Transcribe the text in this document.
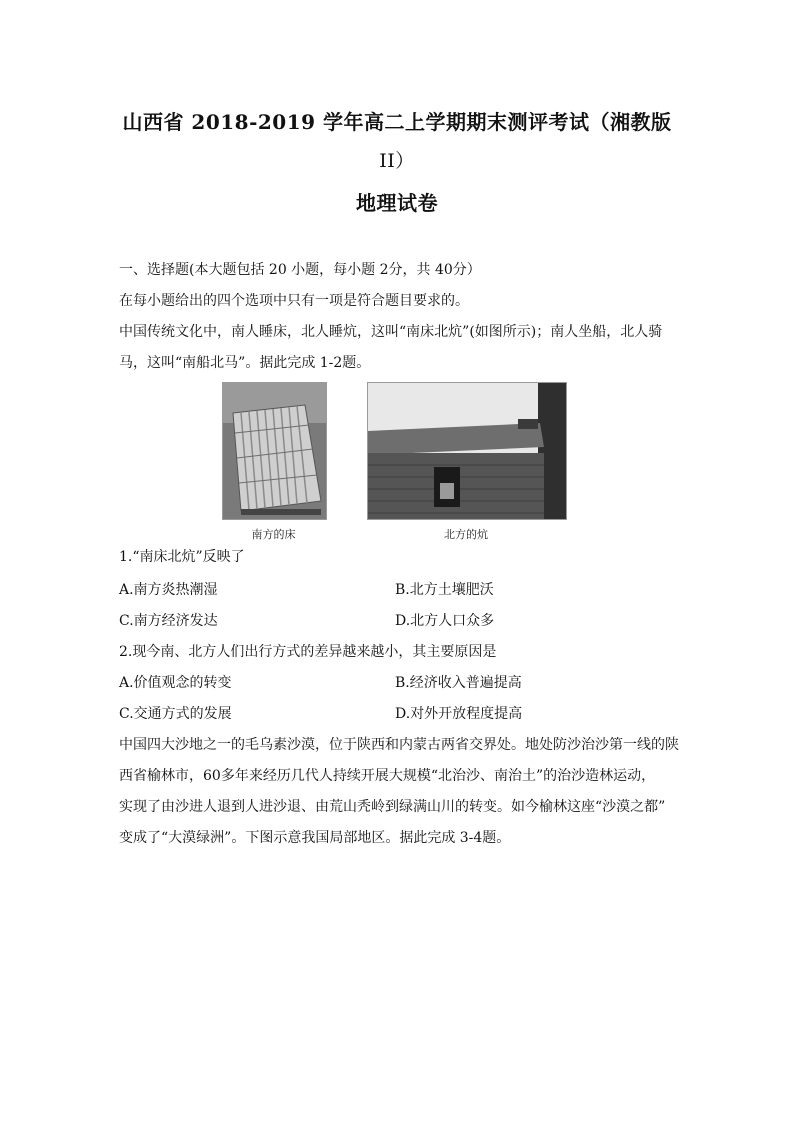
山西省 2018-2019 学年高二上学期期末测评考试（湘教版
II）
地理试卷
一、选择题(本大题包括 20 小题，每小题 2分，共 40分）
在每小题给出的四个选项中只有一项是符合题目要求的。
中国传统文化中，南人睡床，北人睡炕，这叫“南床北炕”(如图所示)；南人坐船，北人骑
马，这叫“南船北马”。据此完成 1-2题。
南方的床	北方的炕
1.“南床北炕”反映了
A.南方炎热潮湿	B.北方土壤肥沃
C.南方经济发达	D.北方人口众多
2.现今南、北方人们出行方式的差异越来越小，其主要原因是
A.价值观念的转变	B.经济收入普遍提高
C.交通方式的发展	D.对外开放程度提高
中国四大沙地之一的毛乌素沙漠，位于陕西和内蒙古两省交界处。地处防沙治沙第一线的陕
西省榆林市，60多年来经历几代人持续开展大规模“北治沙、南治土”的治沙造林运动，
实现了由沙进人退到人进沙退、由荒山秃岭到绿满山川的转变。如今榆林这座“沙漠之都”
变成了“大漠绿洲”。下图示意我国局部地区。据此完成 3-4题。
